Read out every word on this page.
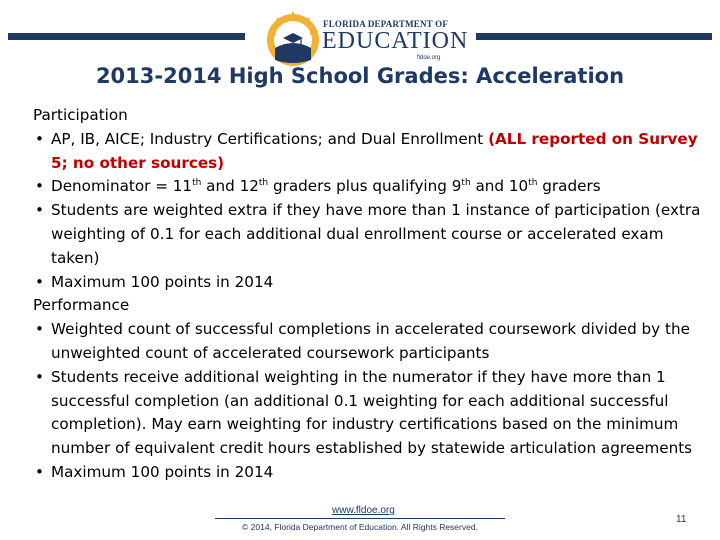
FLORIDA DEPARTMENT OF
EDUCATION
fldoe.org
2013-2014 High School Grades: Acceleration
Participation
• AP, IB, AICE; Industry Certifications; and Dual Enrollment (ALL reported on Survey 5; no other sources)
• Denominator = 11th and 12th graders plus qualifying 9th and 10th graders
• Students are weighted extra if they have more than 1 instance of participation (extra weighting of 0.1 for each additional dual enrollment course or accelerated exam taken)
• Maximum 100 points in 2014
Performance
• Weighted count of successful completions in accelerated coursework divided by the unweighted count of accelerated coursework participants
• Students receive additional weighting in the numerator if they have more than 1 successful completion (an additional 0.1 weighting for each additional successful completion). May earn weighting for industry certifications based on the minimum number of equivalent credit hours established by statewide articulation agreements
• Maximum 100 points in 2014
www.fldoe.org
© 2014, Florida Department of Education. All Rights Reserved.
11
